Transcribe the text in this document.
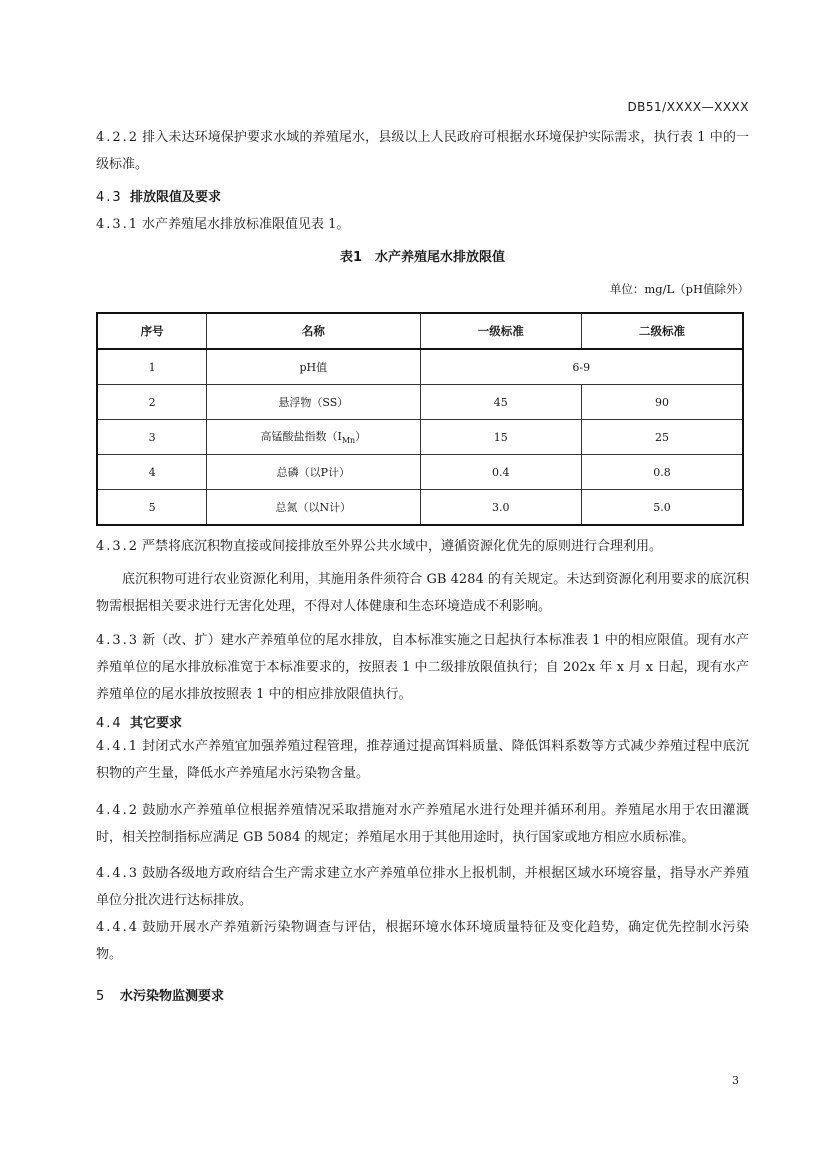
DB51/XXXX—XXXX
4.2.2 排入未达环境保护要求水域的养殖尾水，县级以上人民政府可根据水环境保护实际需求，执行表 1 中的一级标准。
4.3 排放限值及要求
4.3.1 水产养殖尾水排放标准限值见表 1。
表1　水产养殖尾水排放限值
单位：mg/L（pH值除外）
序号	名称	一级标准	二级标准
1	pH值	6-9	
2	悬浮物（SS）	45	90
3	高锰酸盐指数$(I_{Mn})$	15	25
4	总磷（以P计）	0.4	0.8
5	总氮（以N计）	3.0	5.0
4.3.2 严禁将底沉积物直接或间接排放至外界公共水域中，遵循资源化优先的原则进行合理利用。
底沉积物可进行农业资源化利用，其施用条件须符合 GB 4284 的有关规定。未达到资源化利用要求的底沉积物需根据相关要求进行无害化处理，不得对人体健康和生态环境造成不利影响。
4.3.3 新（改、扩）建水产养殖单位的尾水排放，自本标准实施之日起执行本标准表 1 中的相应限值。现有水产养殖单位的尾水排放标准宽于本标准要求的，按照表 1 中二级排放限值执行；自 202x 年 x 月 x 日起，现有水产养殖单位的尾水排放按照表 1 中的相应排放限值执行。
4.4 其它要求
4.4.1 封闭式水产养殖宜加强养殖过程管理，推荐通过提高饵料质量、降低饵料系数等方式减少养殖过程中底沉积物的产生量，降低水产养殖尾水污染物含量。
4.4.2 鼓励水产养殖单位根据养殖情况采取措施对水产养殖尾水进行处理并循环利用。养殖尾水用于农田灌溉时，相关控制指标应满足 GB 5084 的规定；养殖尾水用于其他用途时，执行国家或地方相应水质标准。
4.4.3 鼓励各级地方政府结合生产需求建立水产养殖单位排水上报机制，并根据区域水环境容量，指导水产养殖单位分批次进行达标排放。
4.4.4 鼓励开展水产养殖新污染物调查与评估，根据环境水体环境质量特征及变化趋势，确定优先控制水污染物。
5 水污染物监测要求
3
